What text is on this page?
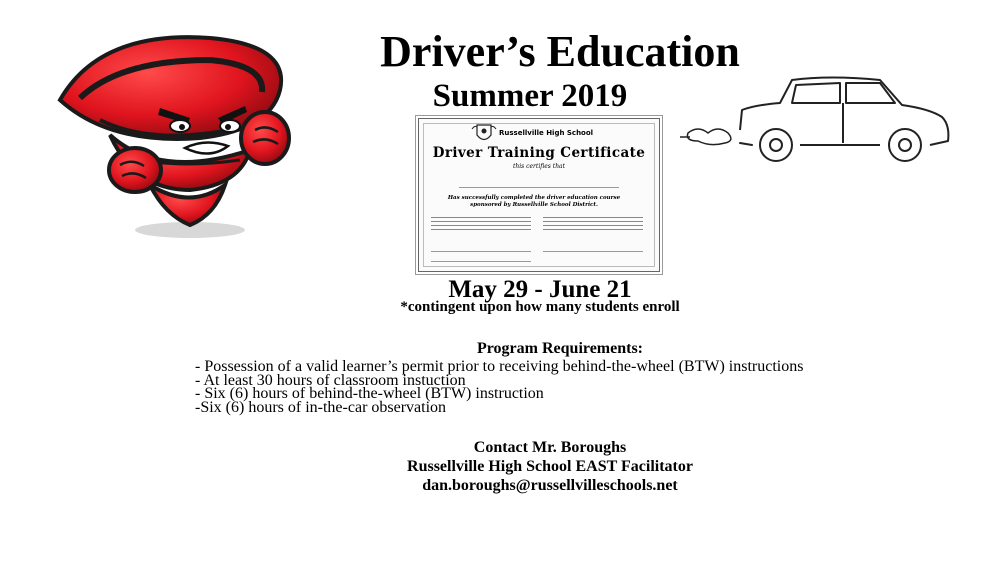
Driver’s Education
Summer 2019
Russellville High School
Driver Training Certificate
this certifies that
Has successfully completed the driver education course sponsored by Russellville School District.
May 29 - June 21
*contingent upon how many students enroll
Program Requirements:
- Possession of a valid learner’s permit prior to receiving behind-the-wheel (BTW) instructions
- At least 30 hours of classroom instuction
- Six (6) hours of behind-the-wheel (BTW) instruction
-Six (6) hours of in-the-car observation
Contact Mr. Boroughs
Russellville High School EAST Facilitator
dan.boroughs@russellvilleschools.net
